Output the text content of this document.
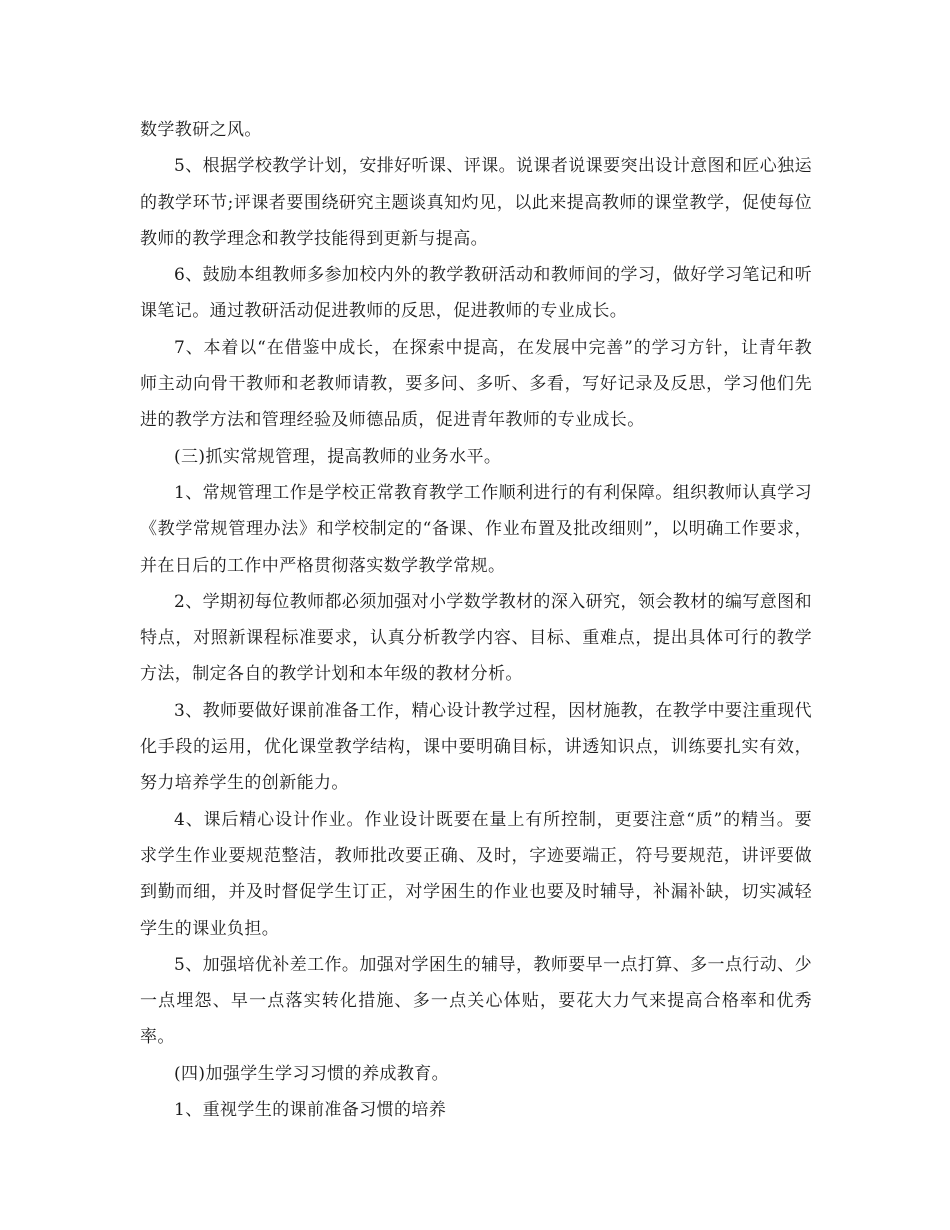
数学教研之风。

5、根据学校教学计划，安排好听课、评课。说课者说课要突出设计意图和匠心独运的教学环节;评课者要围绕研究主题谈真知灼见，以此来提高教师的课堂教学，促使每位教师的教学理念和教学技能得到更新与提高。

6、鼓励本组教师多参加校内外的教学教研活动和教师间的学习，做好学习笔记和听课笔记。通过教研活动促进教师的反思，促进教师的专业成长。

7、本着以“在借鉴中成长，在探索中提高，在发展中完善”的学习方针，让青年教师主动向骨干教师和老教师请教，要多问、多听、多看，写好记录及反思，学习他们先进的教学方法和管理经验及师德品质，促进青年教师的专业成长。

(三)抓实常规管理，提高教师的业务水平。

1、常规管理工作是学校正常教育教学工作顺利进行的有利保障。组织教师认真学习《教学常规管理办法》和学校制定的“备课、作业布置及批改细则”，以明确工作要求，并在日后的工作中严格贯彻落实数学教学常规。

2、学期初每位教师都必须加强对小学数学教材的深入研究，领会教材的编写意图和特点，对照新课程标准要求，认真分析教学内容、目标、重难点，提出具体可行的教学方法，制定各自的教学计划和本年级的教材分析。

3、教师要做好课前准备工作，精心设计教学过程，因材施教，在教学中要注重现代化手段的运用，优化课堂教学结构，课中要明确目标，讲透知识点，训练要扎实有效，努力培养学生的创新能力。

4、课后精心设计作业。作业设计既要在量上有所控制，更要注意“质”的精当。要求学生作业要规范整洁，教师批改要正确、及时，字迹要端正，符号要规范，讲评要做到勤而细，并及时督促学生订正，对学困生的作业也要及时辅导，补漏补缺，切实减轻学生的课业负担。

5、加强培优补差工作。加强对学困生的辅导，教师要早一点打算、多一点行动、少一点埋怨、早一点落实转化措施、多一点关心体贴，要花大力气来提高合格率和优秀率。

(四)加强学生学习习惯的养成教育。

1、重视学生的课前准备习惯的培养
